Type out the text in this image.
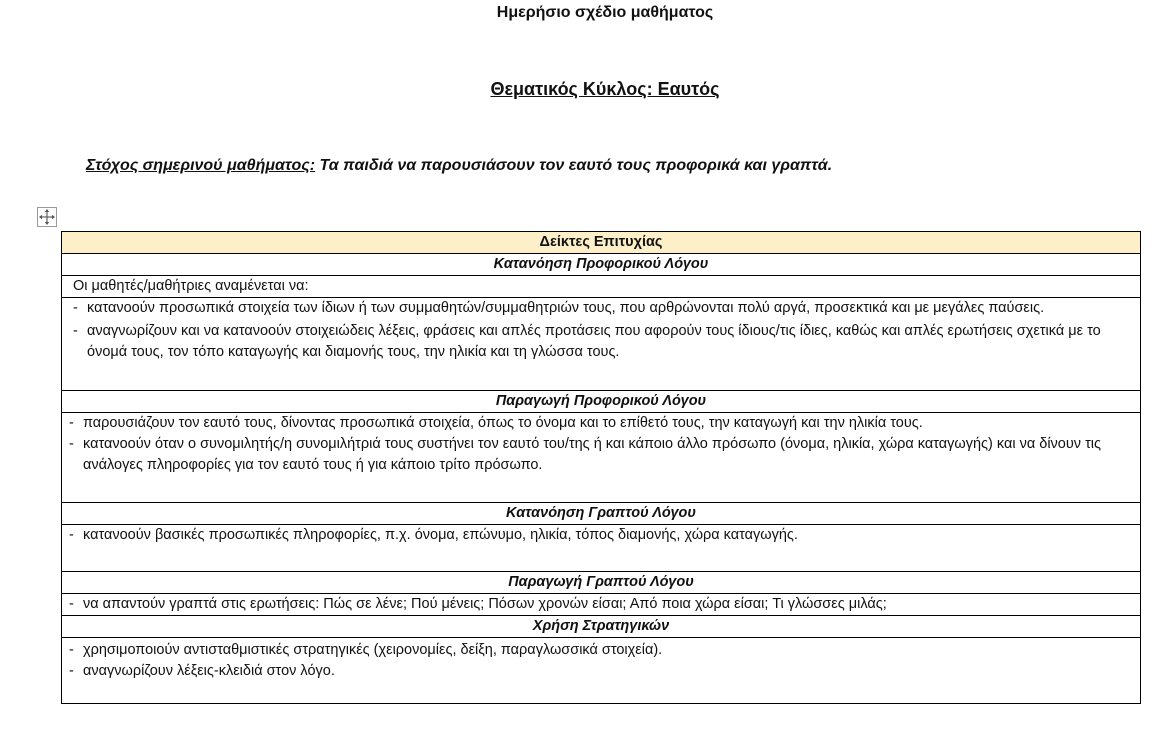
Ημερήσιο σχέδιο μαθήματος
Θεματικός Κύκλος: Εαυτός
Στόχος σημερινού μαθήματος: Τα παιδιά να παρουσιάσουν τον εαυτό τους προφορικά και γραπτά.
Δείκτες Επιτυχίας
Κατανόηση Προφορικού Λόγου

Οι μαθητές/μαθήτριες αναμένεται να:

- κατανοούν προσωπικά στοιχεία των ίδιων ή των συμμαθητών/συμμαθητριών τους, που αρθρώνονται πολύ αργά, προσεκτικά και με μεγάλες παύσεις.
- αναγνωρίζουν και να κατανοούν στοιχειώδεις λέξεις, φράσεις και απλές προτάσεις που αφορούν τους ίδιους/τις ίδιες, καθώς και απλές ερωτήσεις σχετικά με το όνομά τους, τον τόπο καταγωγής και διαμονής τους, την ηλικία και τη γλώσσα τους.

Παραγωγή Προφορικού Λόγου

- παρουσιάζουν τον εαυτό τους, δίνοντας προσωπικά στοιχεία, όπως το όνομα και το επίθετό τους, την καταγωγή και την ηλικία τους.
- κατανοούν όταν ο συνομιλητής/η συνομιλήτριά τους συστήνει τον εαυτό του/της ή και κάποιο άλλο πρόσωπο (όνομα, ηλικία, χώρα καταγωγής) και να δίνουν τις ανάλογες πληροφορίες για τον εαυτό τους ή για κάποιο τρίτο πρόσωπο.

Κατανόηση Γραπτού Λόγου

- κατανοούν βασικές προσωπικές πληροφορίες, π.χ. όνομα, επώνυμο, ηλικία, τόπος διαμονής, χώρα καταγωγής.

Παραγωγή Γραπτού Λόγου

- να απαντούν γραπτά στις ερωτήσεις: Πώς σε λένε; Πού μένεις; Πόσων χρονών είσαι; Από ποια χώρα είσαι; Τι γλώσσες μιλάς;

Χρήση Στρατηγικών

- χρησιμοποιούν αντισταθμιστικές στρατηγικές (χειρονομίες, δείξη, παραγλωσσικά στοιχεία).
- αναγνωρίζουν λέξεις-κλειδιά στον λόγο.
